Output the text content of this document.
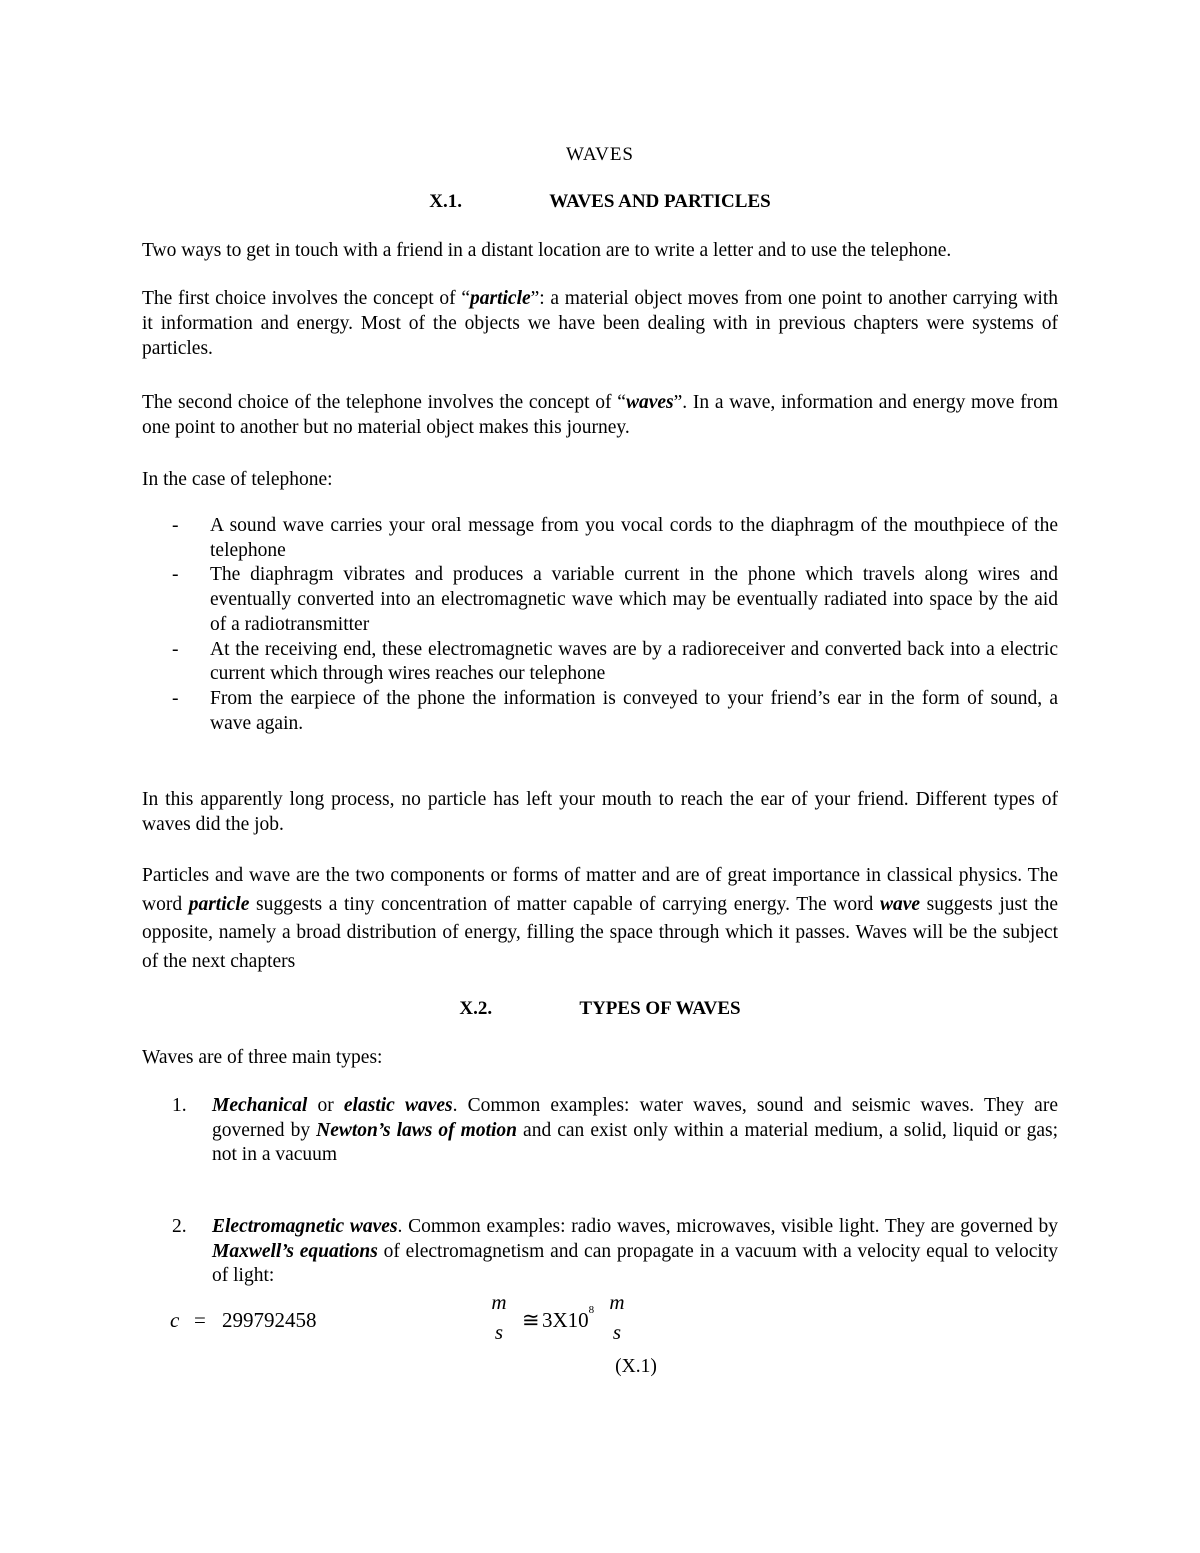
WAVES
X.1.	WAVES AND PARTICLES

Two ways to get in touch with a friend in a distant location are to write a letter and to use the telephone.

The first choice involves the concept of “particle”: a material object moves from one point to another carrying with it information and energy. Most of the objects we have been dealing with in previous chapters were systems of particles.

The second choice of the telephone involves the concept of “waves”. In a wave, information and energy move from one point to another but no material object makes this journey.

In the case of telephone:

- A sound wave carries your oral message from you vocal cords to the diaphragm of the mouthpiece of the telephone
- The diaphragm vibrates and produces a variable current in the phone which travels along wires and eventually converted into an electromagnetic wave which may be eventually radiated into space by the aid of a radiotransmitter
- At the receiving end, these electromagnetic waves are by a radioreceiver and converted back into a electric current which through wires reaches our telephone
- From the earpiece of the phone the information is conveyed to your friend’s ear in the form of sound, a wave again.

In this apparently long process, no particle has left your mouth to reach the ear of your friend. Different types of waves did the job.

Particles and wave are the two components or forms of matter and are of great importance in classical physics. The word particle suggests a tiny concentration of matter capable of carrying energy. The word wave suggests just the opposite, namely a broad distribution of energy, filling the space through which it passes. Waves will be the subject of the next chapters

X.2.	TYPES OF WAVES

Waves are of three main types:

1. Mechanical or elastic waves. Common examples: water waves, sound and seismic waves. They are governed by Newton’s laws of motion and can exist only within a material medium, a solid, liquid or gas; not in a vacuum
2. Electromagnetic waves. Common examples: radio waves, microwaves, visible light. They are governed by Maxwell’s equations of electromagnetism and can propagate in a vacuum with a velocity equal to velocity of light:
c = 299792458
m
s ≅ $3X10^8$ m
s
(X.1)
